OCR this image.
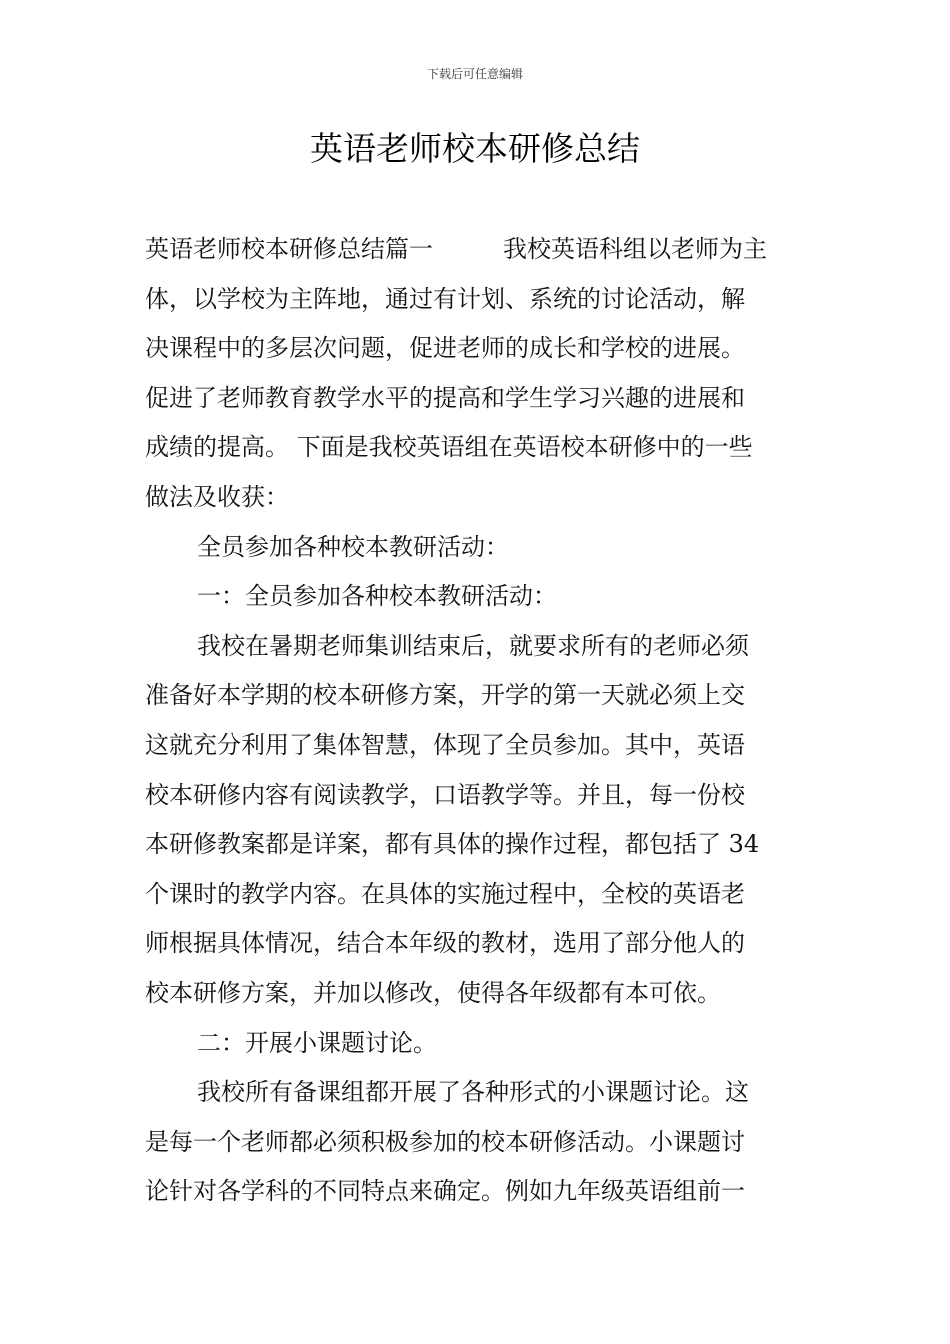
下载后可任意编辑
英语老师校本研修总结
英语老师校本研修总结篇一	我校英语科组以老师为主
体，以学校为主阵地，通过有计划、系统的讨论活动，解
决课程中的多层次问题，促进老师的成长和学校的进展。
促进了老师教育教学水平的提高和学生学习兴趣的进展和
成绩的提高。 下面是我校英语组在英语校本研修中的一些
做法及收获：
全员参加各种校本教研活动：
一：全员参加各种校本教研活动：
我校在暑期老师集训结束后，就要求所有的老师必须
准备好本学期的校本研修方案，开学的第一天就必须上交
这就充分利用了集体智慧，体现了全员参加。其中，英语
校本研修内容有阅读教学，口语教学等。并且，每一份校
本研修教案都是详案，都有具体的操作过程，都包括了 34
个课时的教学内容。在具体的实施过程中，全校的英语老
师根据具体情况，结合本年级的教材，选用了部分他人的
校本研修方案，并加以修改，使得各年级都有本可依。
二：开展小课题讨论。
我校所有备课组都开展了各种形式的小课题讨论。这
是每一个老师都必须积极参加的校本研修活动。小课题讨
论针对各学科的不同特点来确定。例如九年级英语组前一
